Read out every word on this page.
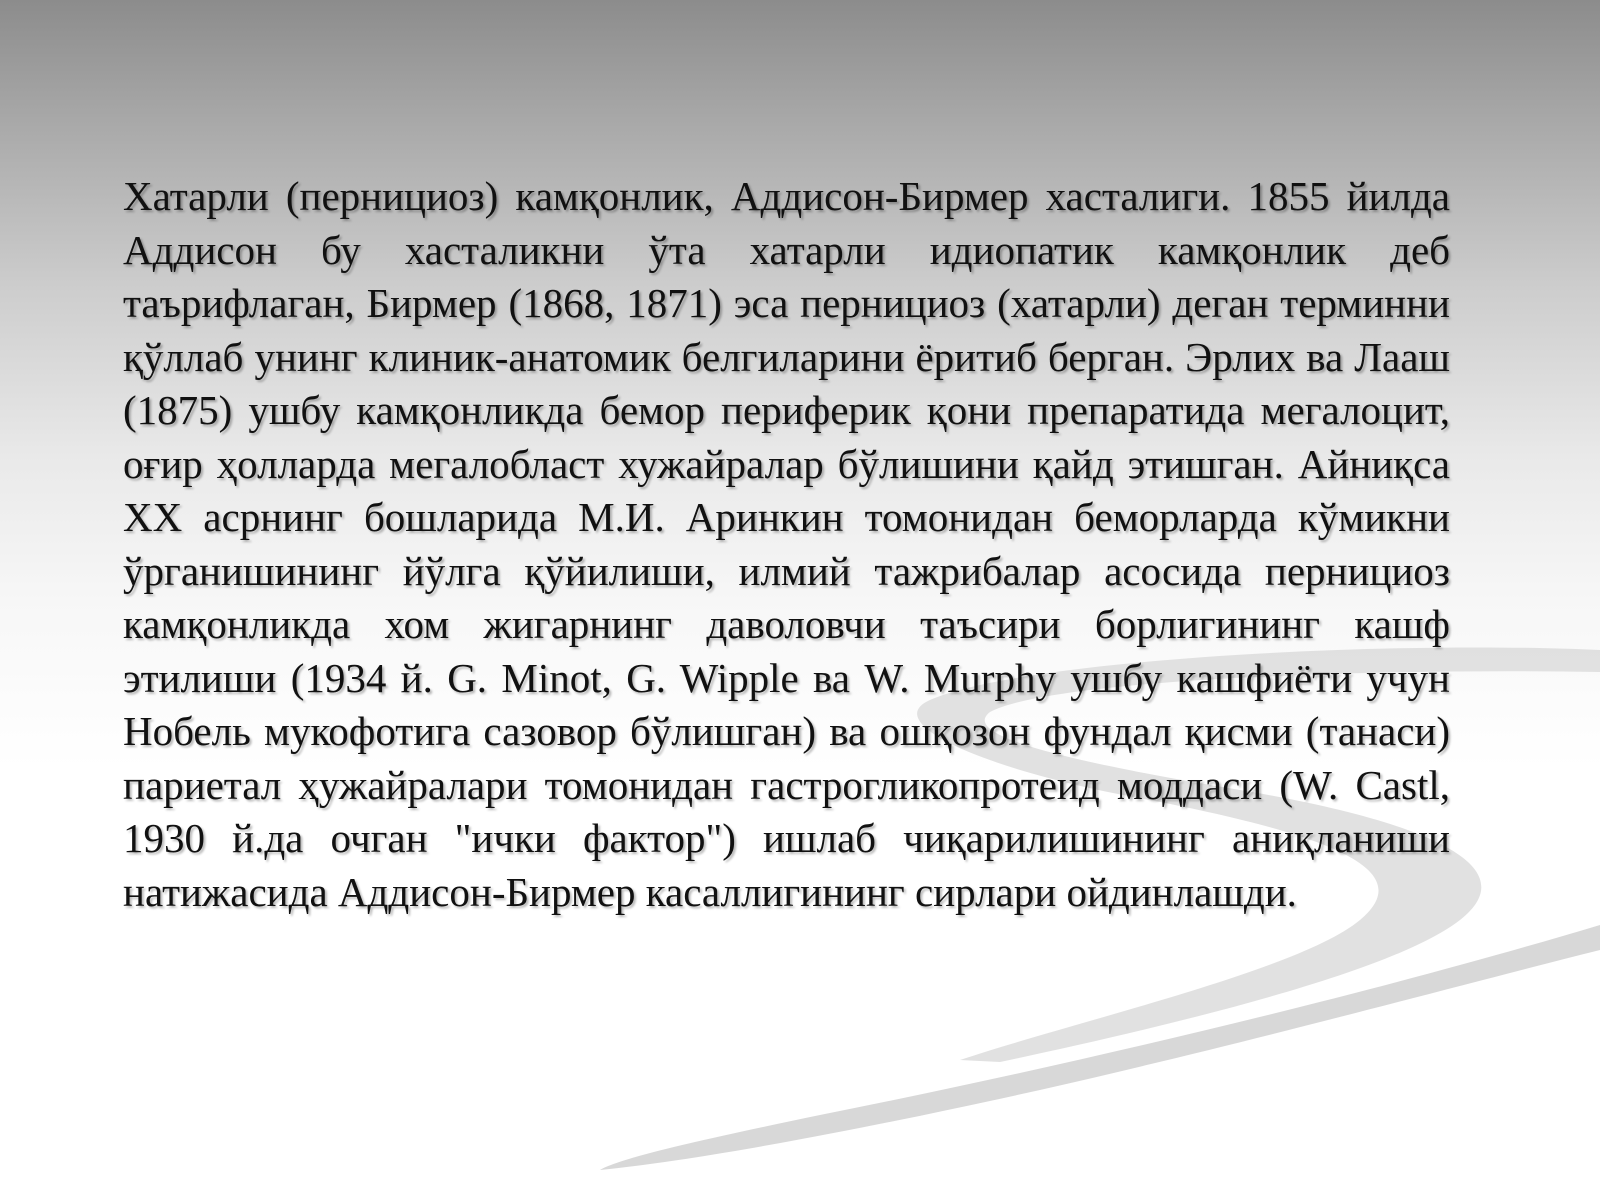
Хатарли (пернициоз) камқонлик, Аддисон-Бирмер хасталиги. 1855 йилда Аддисон бу хасталикни ўта хатарли идиопатик камқонлик деб таърифлаган, Бирмер (1868, 1871) эса пернициоз (хатарли) деган терминни қўллаб унинг клиник-анатомик белгиларини ёритиб берган. Эрлих ва Лааш (1875) ушбу камқонликда бемор периферик қони препаратида мегалоцит, оғир ҳолларда мегалобласт хужайралар бўлишини қайд этишган. Айниқса XX асрнинг бошларида М.И. Аринкин томонидан беморларда кўмикни ўрганишининг йўлга қўйилиши, илмий тажрибалар асосида пернициоз камқонликда хом жигарнинг даволовчи таъсири борлигининг кашф этилиши (1934 й. G. Minot, G. Wipple ва W. Murphy ушбу кашфиёти учун Нобель мукофотига сазовор бўлишган) ва ошқозон фундал қисми (танаси) париетал ҳужайралари томонидан гастрогликопротеид моддаси (W. Castl, 1930 й.да очган "ички фактор") ишлаб чиқарилишининг аниқланиши натижасида Аддисон-Бирмер касаллигининг сирлари ойдинлашди.
